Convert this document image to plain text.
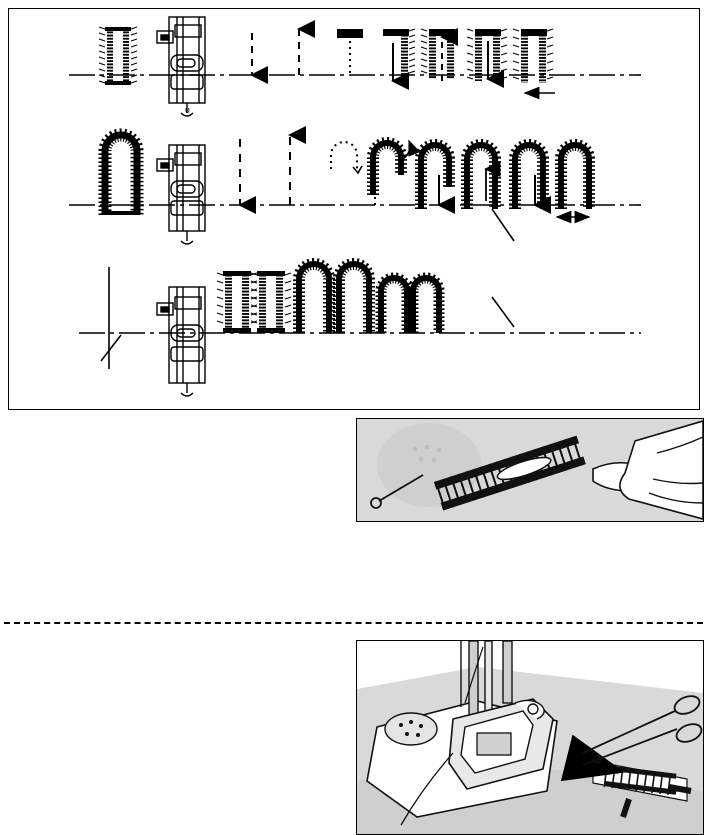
ʋ
